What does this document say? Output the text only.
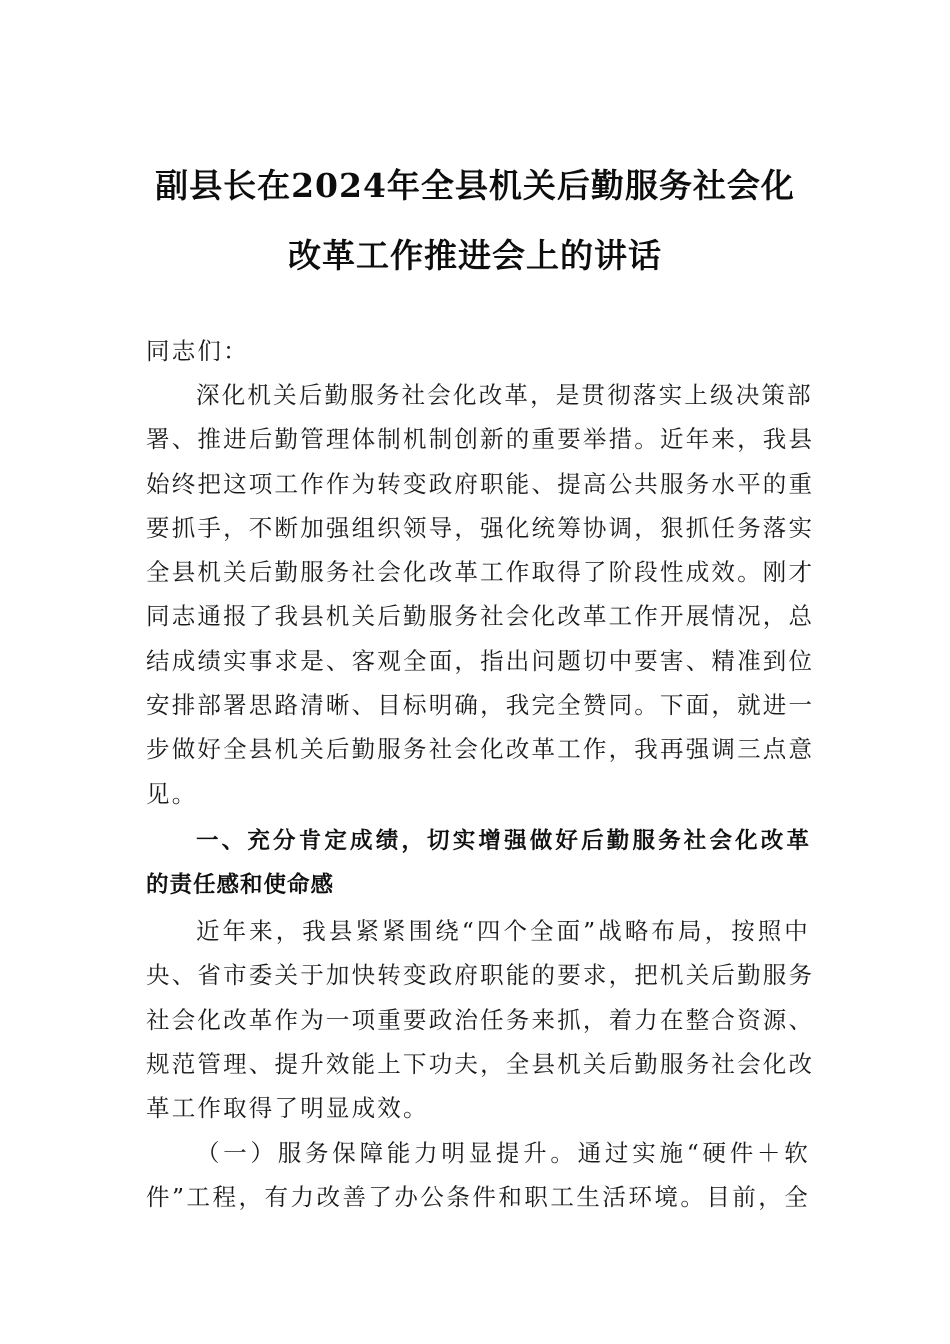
副县长在2024年全县机关后勤服务社会化
改革工作推进会上的讲话
同志们：
深化机关后勤服务社会化改革，是贯彻落实上级决策部
署、推进后勤管理体制机制创新的重要举措。近年来，我县
始终把这项工作作为转变政府职能、提高公共服务水平的重
要抓手，不断加强组织领导，强化统筹协调，狠抓任务落实
全县机关后勤服务社会化改革工作取得了阶段性成效。刚才
同志通报了我县机关后勤服务社会化改革工作开展情况，总
结成绩实事求是、客观全面，指出问题切中要害、精准到位
安排部署思路清晰、目标明确，我完全赞同。下面，就进一
步做好全县机关后勤服务社会化改革工作，我再强调三点意
见。
一、充分肯定成绩，切实增强做好后勤服务社会化改革
的责任感和使命感
近年来，我县紧紧围绕“四个全面”战略布局，按照中
央、省市委关于加快转变政府职能的要求，把机关后勤服务
社会化改革作为一项重要政治任务来抓，着力在整合资源、
规范管理、提升效能上下功夫，全县机关后勤服务社会化改
革工作取得了明显成效。
（一）服务保障能力明显提升。通过实施“硬件＋软
件”工程，有力改善了办公条件和职工生活环境。目前，全
